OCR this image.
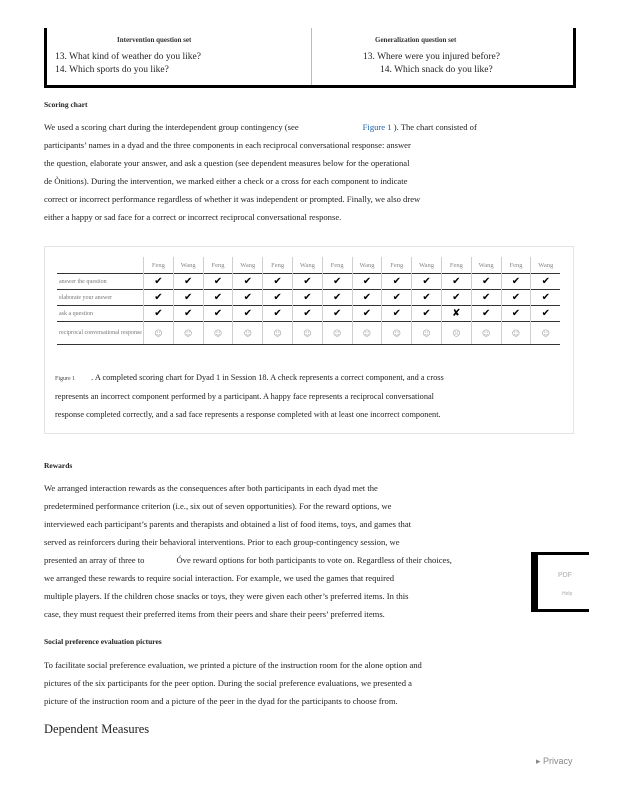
Intervention question set	Generalization question set
13. What kind of weather do you like?
14. Which sports do you like?
13. Where were you injured before?
14. Which snack do you like?
Scoring chart
We used a scoring chart during the interdependent group contingency (see	Figure 1 ). The chart consisted of
participants’ names in a dyad and the three components in each reciprocal conversational response: answer
the question, elaborate your answer, and ask a question (see dependent measures below for the operational
de Ònitions). During the intervention, we marked either a check or a cross for each component to indicate
correct or incorrect performance regardless of whether it was independent or prompted. Finally, we also drew
either a happy or sad face for a correct or incorrect reciprocal conversational response.
	Feng	Wang	Feng	Wang	Feng	Wang	Feng	Wang	Feng	Wang	Feng	Wang	Feng	Wang
answer the question	✔	✔	✔	✔	✔	✔	✔	✔	✔	✔	✔	✔	✔	✔
elaborate your answer	✔	✔	✔	✔	✔	✔	✔	✔	✔	✔	✔	✔	✔	✔
ask a question	✔	✔	✔	✔	✔	✔	✔	✔	✔	✔	✘	✔	✔	✔
reciprocal conversational response	☺	☺	☺	☺	☺	☺	☺	☺	☺	☺	☹	☺	☺	☺
Figure 1 . A completed scoring chart for Dyad 1 in Session 18. A check represents a correct component, and a cross
represents an incorrect component performed by a participant. A happy face represents a reciprocal conversational
response completed correctly, and a sad face represents a response completed with at least one incorrect component.
Rewards
We arranged interaction rewards as the consequences after both participants in each dyad met the
predetermined performance criterion (i.e., six out of seven opportunities). For the reward options, we
interviewed each participant’s parents and therapists and obtained a list of food items, toys, and games that
served as reinforcers during their behavioral interventions. Prior to each group-contingency session, we
presented an array of three to	Óve reward options for both participants to vote on. Regardless of their choices,
we arranged these rewards to require social interaction. For example, we used the games that required
multiple players. If the children chose snacks or toys, they were given each other’s preferred items. In this
case, they must request their preferred items from their peers and share their peers’ preferred items.
PDF
Help
Social preference evaluation pictures
To facilitate social preference evaluation, we printed a picture of the instruction room for the alone option and
pictures of the six participants for the peer option. During the social preference evaluations, we presented a
picture of the instruction room and a picture of the peer in the dyad for the participants to choose from.
Dependent Measures
▸ Privacy
